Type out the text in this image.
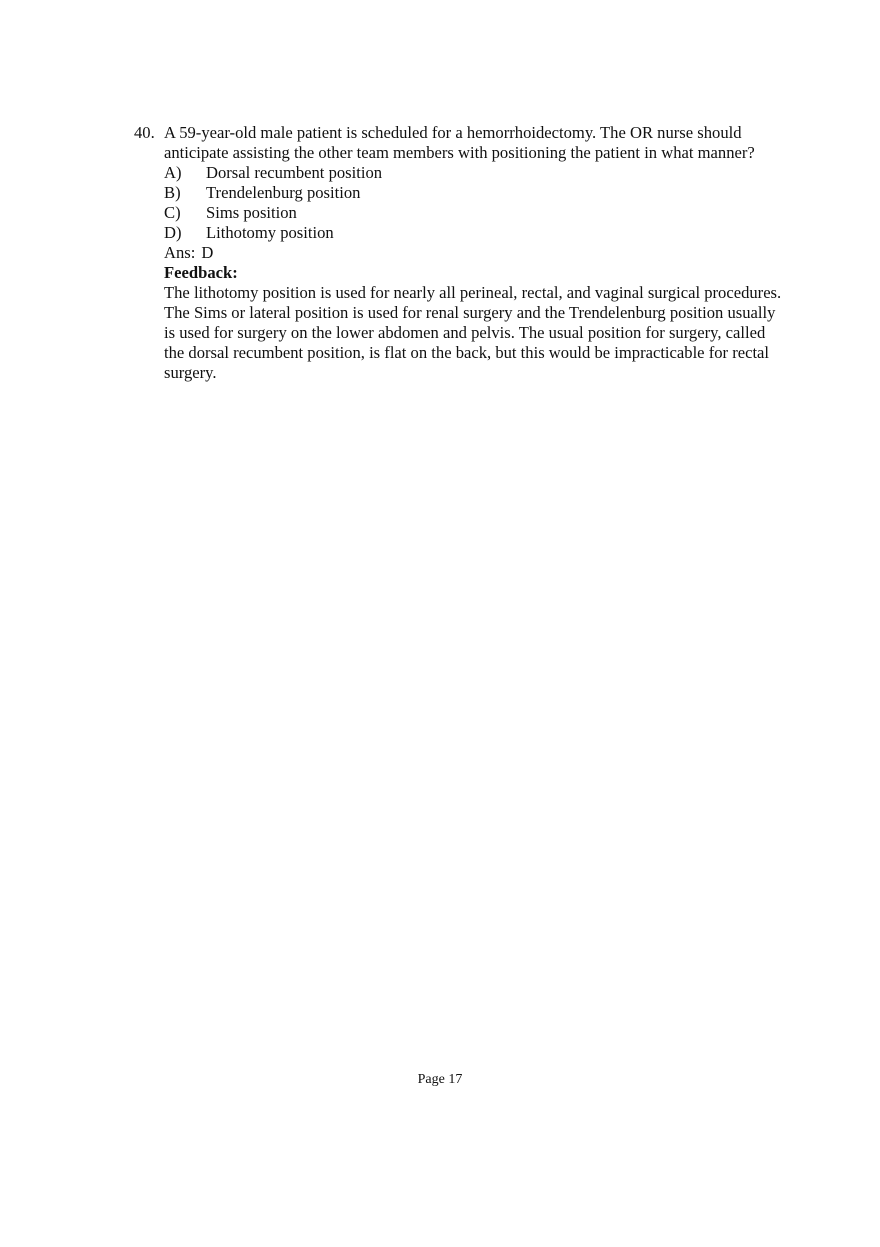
40. A 59-year-old male patient is scheduled for a hemorrhoidectomy. The OR nurse should anticipate assisting the other team members with positioning the patient in what manner?

A)	Dorsal recumbent position
B)	Trendelenburg position
C)	Sims position
D)	Lithotomy position
Ans: D
Feedback:

The lithotomy position is used for nearly all perineal, rectal, and vaginal surgical procedures. The Sims or lateral position is used for renal surgery and the Trendelenburg position usually is used for surgery on the lower abdomen and pelvis. The usual position for surgery, called the dorsal recumbent position, is flat on the back, but this would be impracticable for rectal surgery.

Page 17
